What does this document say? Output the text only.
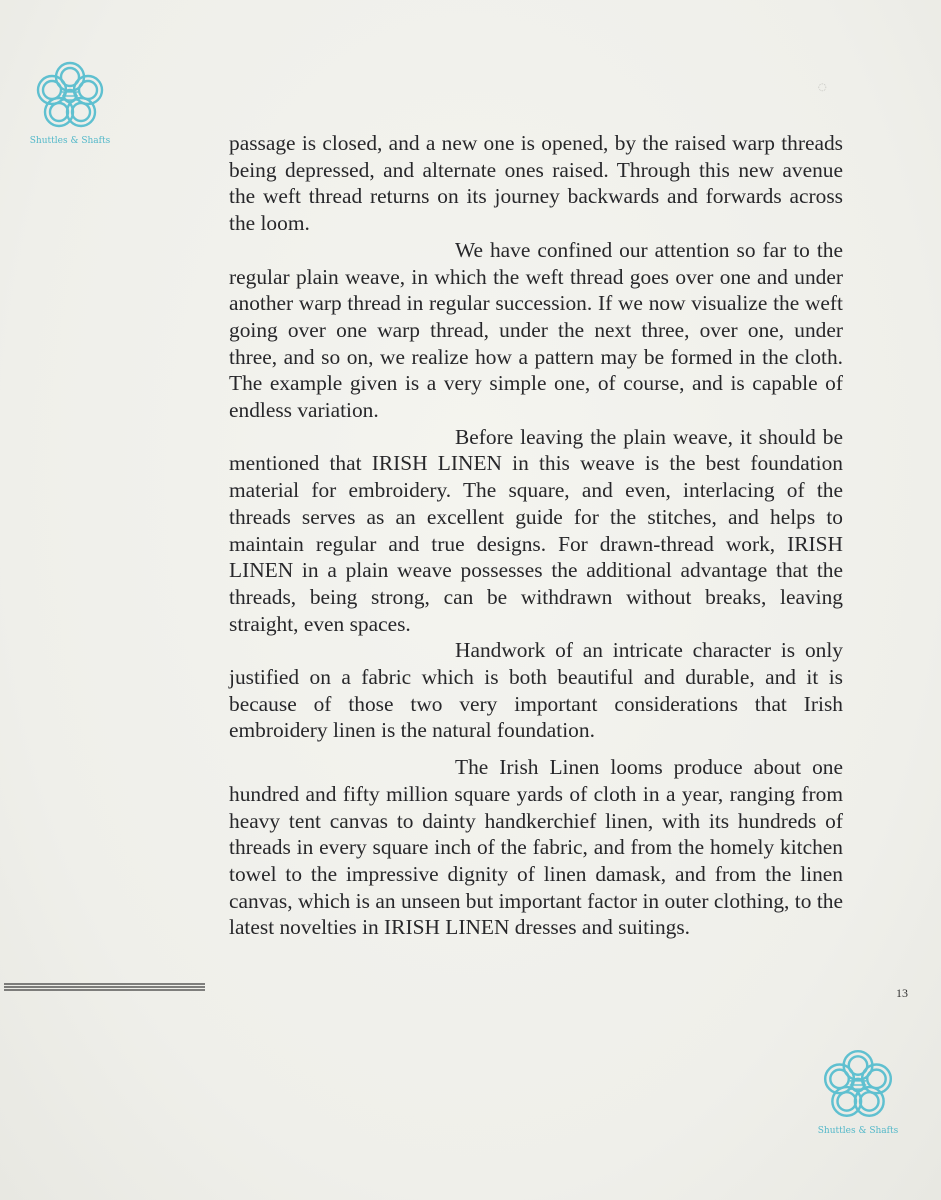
Shuttles & Shafts
◌

passage is closed, and a new one is opened, by the raised warp threads being depressed, and alternate ones raised. Through this new avenue the weft thread returns on its journey backwards and forwards across the loom.

We have confined our attention so far to the regular plain weave, in which the weft thread goes over one and under another warp thread in regular succession. If we now visualize the weft going over one warp thread, under the next three, over one, under three, and so on, we realize how a pattern may be formed in the cloth. The example given is a very simple one, of course, and is capable of endless variation.

Before leaving the plain weave, it should be mentioned that IRISH LINEN in this weave is the best foundation material for embroidery. The square, and even, interlacing of the threads serves as an excellent guide for the stitches, and helps to maintain regular and true designs. For drawn-thread work, IRISH LINEN in a plain weave possesses the additional advantage that the threads, being strong, can be withdrawn without breaks, leaving straight, even spaces.

Handwork of an intricate character is only justified on a fabric which is both beautiful and durable, and it is because of those two very important considerations that Irish embroidery linen is the natural foundation.

The Irish Linen looms produce about one hundred and fifty million square yards of cloth in a year, ranging from heavy tent canvas to dainty handkerchief linen, with its hundreds of threads in every square inch of the fabric, and from the homely kitchen towel to the impressive dignity of linen damask, and from the linen canvas, which is an unseen but important factor in outer clothing, to the latest novelties in IRISH LINEN dresses and suitings.

13
Shuttles & Shafts
